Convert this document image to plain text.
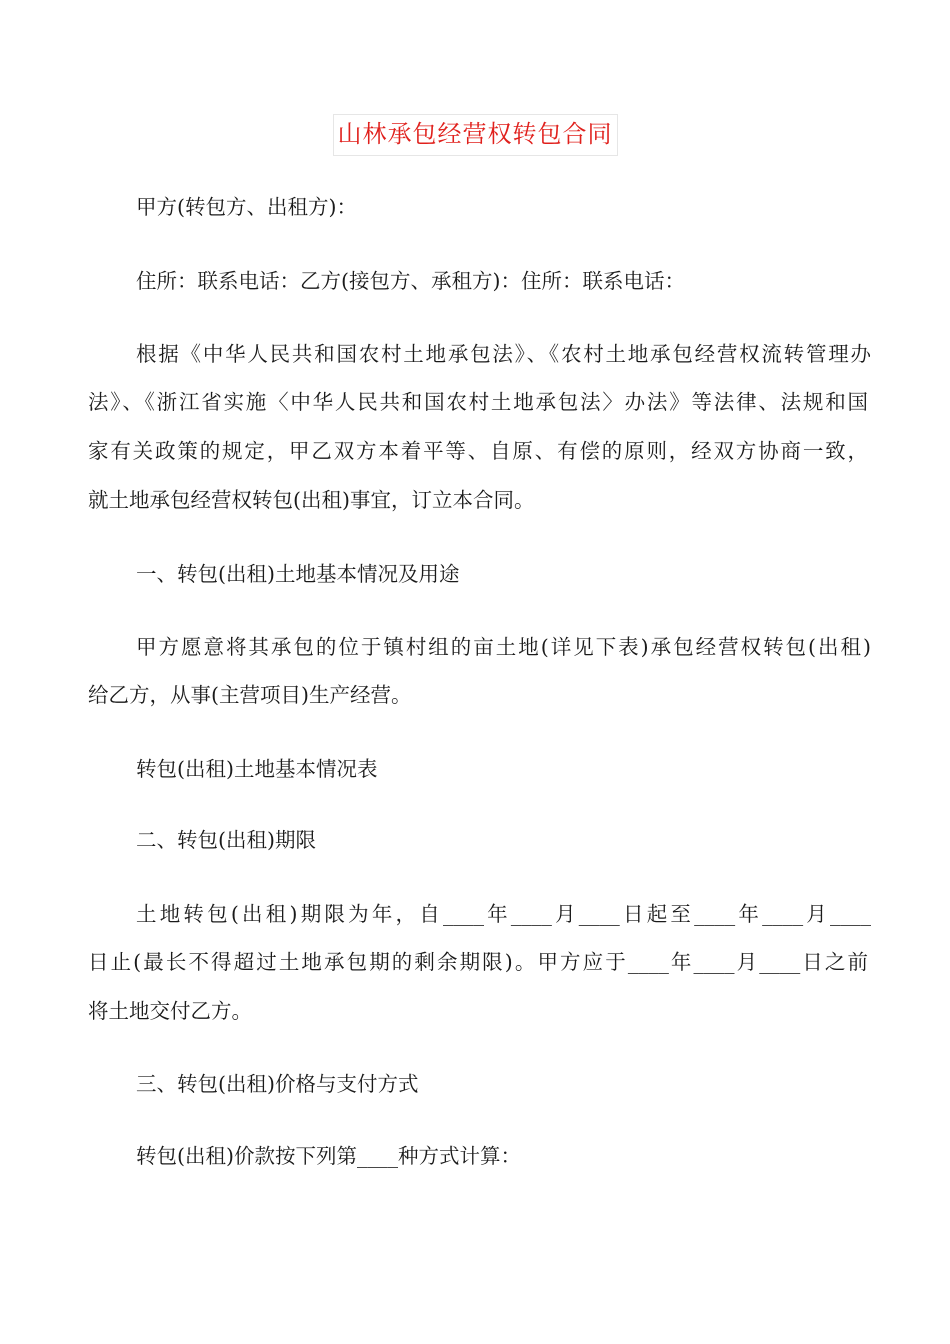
山林承包经营权转包合同
甲方(转包方、出租方)：
住所：联系电话：乙方(接包方、承租方)：住所：联系电话：
根据《中华人民共和国农村土地承包法》、《农村土地承包经营权流转管理办
法》、《浙江省实施〈中华人民共和国农村土地承包法〉办法》等法律、法规和国
家有关政策的规定，甲乙双方本着平等、自原、有偿的原则，经双方协商一致，
就土地承包经营权转包(出租)事宜，订立本合同。
一、转包(出租)土地基本情况及用途
甲方愿意将其承包的位于镇村组的亩土地(详见下表)承包经营权转包(出租)
给乙方，从事(主营项目)生产经营。
转包(出租)土地基本情况表
二、转包(出租)期限
土地转包(出租)期限为年，自____年____月____日起至____年____月____
日止(最长不得超过土地承包期的剩余期限)。甲方应于____年____月____日之前
将土地交付乙方。
三、转包(出租)价格与支付方式
转包(出租)价款按下列第____种方式计算：
